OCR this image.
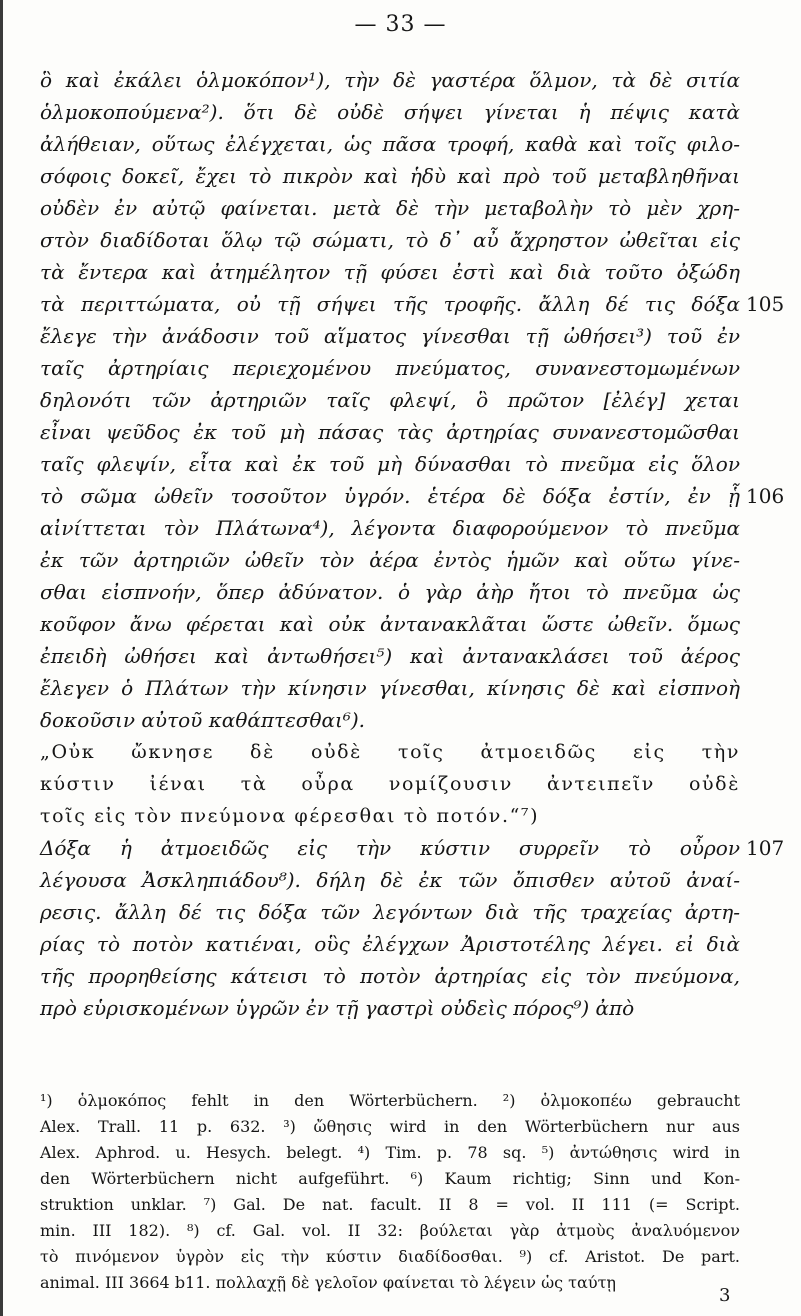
— 33 —
ὃ καὶ ἐκάλει ὁλμοκόπον¹), τὴν δὲ γαστέρα ὅλμον, τὰ δὲ σιτία
ὁλμοκοπούμενα²). ὅτι δὲ οὐδὲ σήψει γίνεται ἡ πέψις κατὰ
ἀλήθειαν, οὕτως ἐλέγχεται, ὡς πᾶσα τροφή, καθὰ καὶ τοῖς φιλο-
σόφοις δοκεῖ, ἔχει τὸ πικρὸν καὶ ἡδὺ καὶ πρὸ τοῦ μεταβληθῆναι
οὐδὲν ἐν αὐτῷ φαίνεται. μετὰ δὲ τὴν μεταβολὴν τὸ μὲν χρη-
στὸν διαδίδοται ὅλῳ τῷ σώματι, τὸ δ᾽ αὖ ἄχρηστον ὠθεῖται εἰς
τὰ ἔντερα καὶ ἀτημέλητον τῇ φύσει ἐστὶ καὶ διὰ τοῦτο ὀξώδη
τὰ περιττώματα, οὐ τῇ σήψει τῆς τροφῆς. ἄλλη δέ τις δόξα 105
ἔλεγε τὴν ἀνάδοσιν τοῦ αἵματος γίνεσθαι τῇ ὠθήσει³) τοῦ ἐν
ταῖς ἀρτηρίαις περιεχομένου πνεύματος, συνανεστομωμένων
δηλονότι τῶν ἀρτηριῶν ταῖς φλεψί, ὃ πρῶτον [ἐλέγ] χεται
εἶναι ψεῦδος ἐκ τοῦ μὴ πάσας τὰς ἀρτηρίας συνανεστομῶσθαι
ταῖς φλεψίν, εἶτα καὶ ἐκ τοῦ μὴ δύνασθαι τὸ πνεῦμα εἰς ὅλον
τὸ σῶμα ὠθεῖν τοσοῦτον ὑγρόν. ἑτέρα δὲ δόξα ἐστίν, ἐν ᾗ 106
αἰνίττεται τὸν Πλάτωνα⁴), λέγοντα διαφορούμενον τὸ πνεῦμα
ἐκ τῶν ἀρτηριῶν ὠθεῖν τὸν ἀέρα ἐντὸς ἡμῶν καὶ οὕτω γίνε-
σθαι εἰσπνοήν, ὅπερ ἀδύνατον. ὁ γὰρ ἀὴρ ἤτοι τὸ πνεῦμα ὡς
κοῦφον ἄνω φέρεται καὶ οὐκ ἀντανακλᾶται ὥστε ὠθεῖν. ὅμως
ἐπειδὴ ὠθήσει καὶ ἀντωθήσει⁵) καὶ ἀντανακλάσει τοῦ ἀέρος
ἔλεγεν ὁ Πλάτων τὴν κίνησιν γίνεσθαι, κίνησις δὲ καὶ εἰσπνοὴ
δοκοῦσιν αὐτοῦ καθάπτεσθαι⁶).
„Οὐκ ὤκνησε δὲ οὐδὲ τοῖς ἀτμοειδῶς εἰς τὴν
κύστιν ἰέναι τὰ οὖρα νομίζουσιν ἀντειπεῖν οὐδὲ
τοῖς εἰς τὸν πνεύμονα φέρεσθαι τὸ ποτόν.“⁷)
Δόξα ἡ ἀτμοειδῶς εἰς τὴν κύστιν συρρεῖν τὸ οὖρον 107
λέγουσα Ἀσκληπιάδου⁸). δήλη δὲ ἐκ τῶν ὄπισθεν αὐτοῦ ἀναί-
ρεσις. ἄλλη δέ τις δόξα τῶν λεγόντων διὰ τῆς τραχείας ἀρτη-
ρίας τὸ ποτὸν κατιέναι, οὓς ἐλέγχων Ἀριστοτέλης λέγει. εἰ διὰ
τῆς προρηθείσης κάτεισι τὸ ποτὸν ἀρτηρίας εἰς τὸν πνεύμονα,
πρὸ εὑρισκομένων ὑγρῶν ἐν τῇ γαστρὶ οὐδεὶς πόρος⁹) ἀπὸ
¹) ὁλμοκόπος fehlt in den Wörterbüchern. ²) ὁλμοκοπέω gebraucht
Alex. Trall. 11 p. 632. ³) ὤθησις wird in den Wörterbüchern nur aus
Alex. Aphrod. u. Hesych. belegt. ⁴) Tim. p. 78 sq. ⁵) ἀντώθησις wird in
den Wörterbüchern nicht aufgeführt. ⁶) Kaum richtig; Sinn und Kon-
struktion unklar. ⁷) Gal. De nat. facult. II 8 = vol. II 111 (= Script.
min. III 182). ⁸) cf. Gal. vol. II 32: βούλεται γὰρ ἀτμοὺς ἀναλυόμενον
τὸ πινόμενον ὑγρὸν εἰς τὴν κύστιν διαδίδοσθαι. ⁹) cf. Aristot. De part.
animal. III 3664 b11. πολλαχῇ δὲ γελοῖον φαίνεται τὸ λέγειν ὡς ταύτῃ
3
